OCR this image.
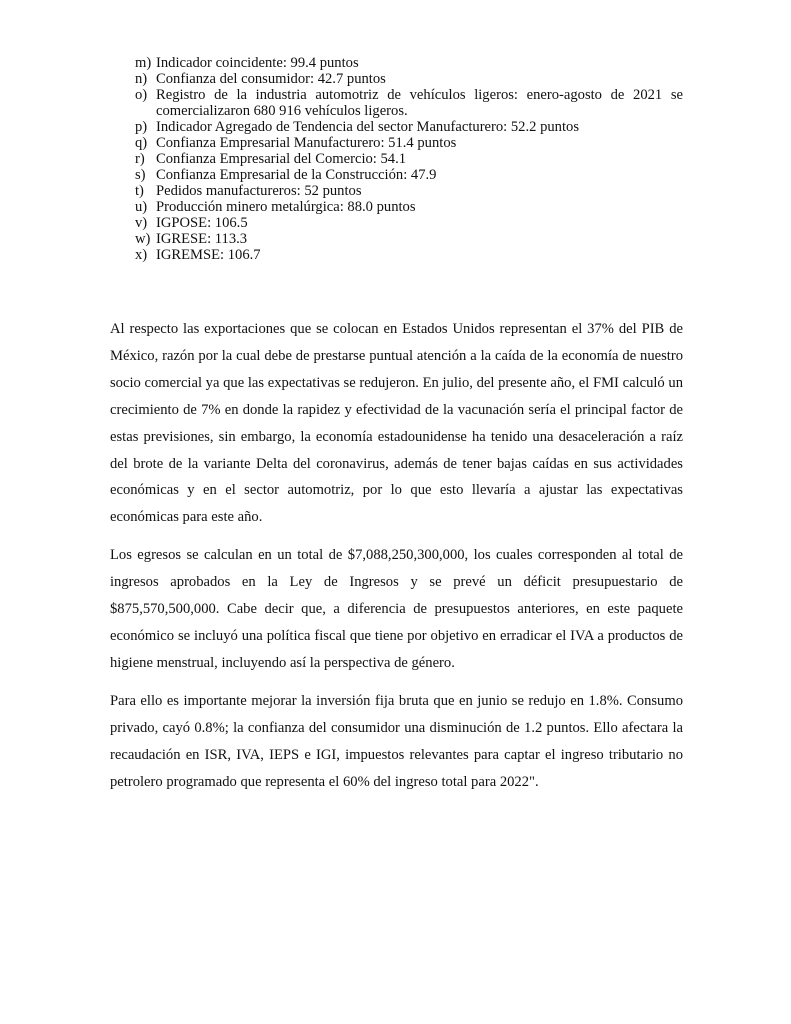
m) Indicador coincidente: 99.4 puntos
n) Confianza del consumidor: 42.7 puntos
o) Registro de la industria automotriz de vehículos ligeros: enero-agosto de 2021 se comercializaron 680 916 vehículos ligeros.
p) Indicador Agregado de Tendencia del sector Manufacturero: 52.2 puntos
q) Confianza Empresarial Manufacturero: 51.4 puntos
r) Confianza Empresarial del Comercio: 54.1
s) Confianza Empresarial de la Construcción: 47.9
t) Pedidos manufactureros: 52 puntos
u) Producción minero metalúrgica: 88.0 puntos
v) IGPOSE: 106.5
w) IGRESE: 113.3
x) IGREMSE: 106.7

Al respecto las exportaciones que se colocan en Estados Unidos representan el 37% del PIB de México, razón por la cual debe de prestarse puntual atención a la caída de la economía de nuestro socio comercial ya que las expectativas se redujeron. En julio, del presente año, el FMI calculó un crecimiento de 7% en donde la rapidez y efectividad de la vacunación sería el principal factor de estas previsiones, sin embargo, la economía estadounidense ha tenido una desaceleración a raíz del brote de la variante Delta del coronavirus, además de tener bajas caídas en sus actividades económicas y en el sector automotriz, por lo que esto llevaría a ajustar las expectativas económicas para este año.

Los egresos se calculan en un total de $7,088,250,300,000, los cuales corresponden al total de ingresos aprobados en la Ley de Ingresos y se prevé un déficit presupuestario de $875,570,500,000. Cabe decir que, a diferencia de presupuestos anteriores, en este paquete económico se incluyó una política fiscal que tiene por objetivo en erradicar el IVA a productos de higiene menstrual, incluyendo así la perspectiva de género.

Para ello es importante mejorar la inversión fija bruta que en junio se redujo en 1.8%. Consumo privado, cayó 0.8%; la confianza del consumidor una disminución de 1.2 puntos. Ello afectara la recaudación en ISR, IVA, IEPS e IGI, impuestos relevantes para captar el ingreso tributario no petrolero programado que representa el 60% del ingreso total para 2022".
